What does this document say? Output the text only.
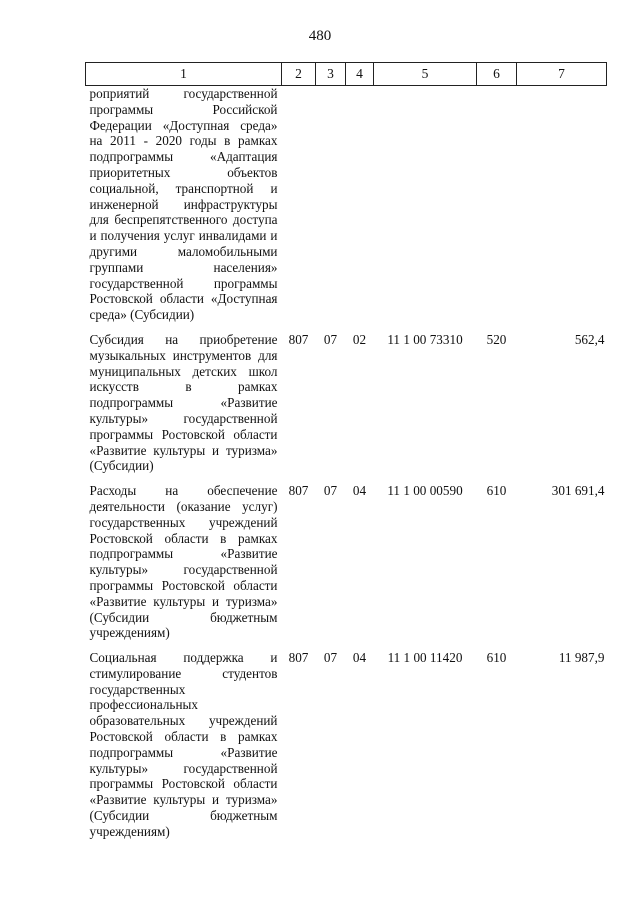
480
1	2	3	4	5	6	7
роприятий государственной программы Российской Федерации «Доступная среда» на 2011 - 2020 годы в рамках подпрограммы «Адаптация приоритетных объектов социальной, транспортной и инженерной инфраструктуры для беспрепятственного доступа и получения услуг инвалидами и другими маломобильными группами населения» государственной программы Ростовской области «Доступная среда» (Субсидии)						
Субсидия на приобретение музыкальных инструментов для муниципальных детских школ искусств в рамках подпрограммы «Развитие культуры» государственной программы Ростовской области «Развитие культуры и туризма» (Субсидии)	807	07	02	11 1 00 73310	520	562,4
Расходы на обеспечение деятельности (оказание услуг) государственных учреждений Ростовской области в рамках подпрограммы «Развитие культуры» государственной программы Ростовской области «Развитие культуры и туризма» (Субсидии бюджетным учреждениям)	807	07	04	11 1 00 00590	610	301 691,4
Социальная поддержка и стимулирование студентов государственных профессиональных образовательных учреждений Ростовской области в рамках подпрограммы «Развитие культуры» государственной программы Ростовской области «Развитие культуры и туризма» (Субсидии бюджетным учреждениям)	807	07	04	11 1 00 11420	610	11 987,9
